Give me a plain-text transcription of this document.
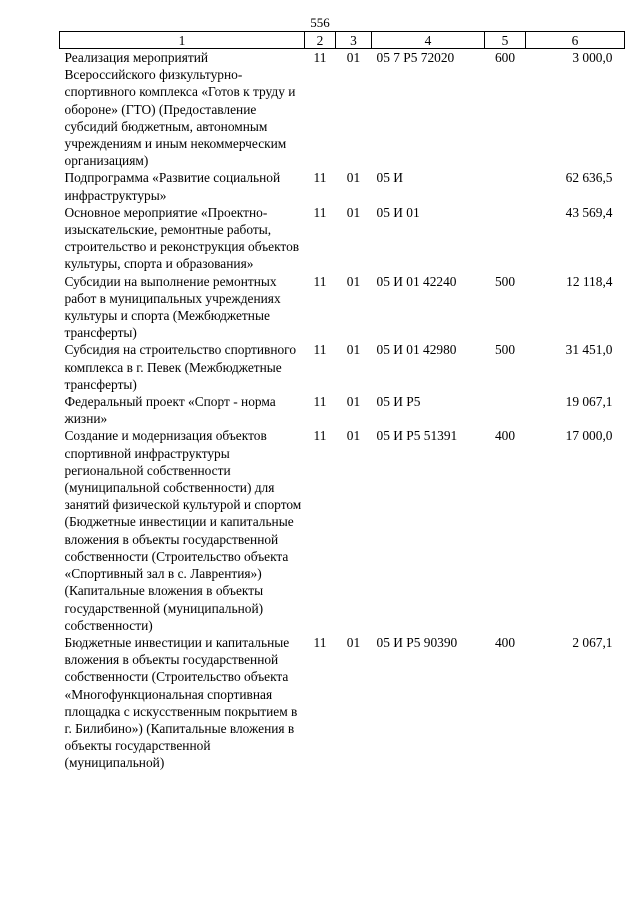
556
1	2	3	4	5	6
Реализация мероприятий Всероссийского физкультурно-спортивного комплекса «Готов к труду и обороне» (ГТО) (Предоставление субсидий бюджетным, автономным учреждениям и иным некоммерческим организациям)	11	01	05 7 P5 72020	600	3 000,0
Подпрограмма «Развитие социальной инфраструктуры»	11	01	05 И		62 636,5
Основное мероприятие «Проектно-изыскательские, ремонтные работы, строительство и реконструкция объектов культуры, спорта и образования»	11	01	05 И 01		43 569,4
Субсидии на выполнение ремонтных работ в муниципальных учреждениях культуры и спорта (Межбюджетные трансферты)	11	01	05 И 01 42240	500	12 118,4
Субсидия на строительство спортивного комплекса в г. Певек (Межбюджетные трансферты)	11	01	05 И 01 42980	500	31 451,0
Федеральный проект «Спорт - норма жизни»	11	01	05 И P5		19 067,1
Создание и модернизация объектов спортивной инфраструктуры региональной собственности (муниципальной собственности) для занятий физической культурой и спортом (Бюджетные инвестиции и капитальные вложения в объекты государственной собственности (Строительство объекта «Спортивный зал в с. Лаврентия») (Капитальные вложения в объекты государственной (муниципальной) собственности)	11	01	05 И P5 51391	400	17 000,0
Бюджетные инвестиции и капитальные вложения в объекты государственной собственности (Строительство объекта «Многофункциональная спортивная площадка с искусственным покрытием в г. Билибино») (Капитальные вложения в объекты государственной (муниципальной)	11	01	05 И P5 90390	400	2 067,1
